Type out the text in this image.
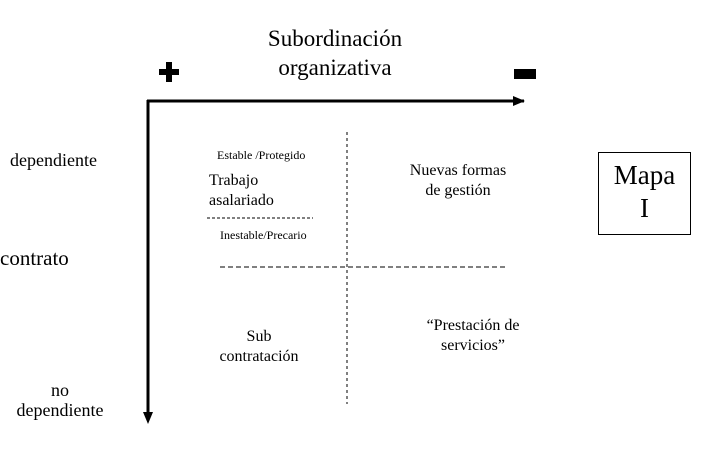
Subordinación
organizativa
dependiente
contrato
no
dependiente
Estable /Protegido
Trabajo
asalariado
Inestable/Precario
Nuevas formas
de gestión
Sub
contratación
“Prestación de
servicios”
Mapa
I
